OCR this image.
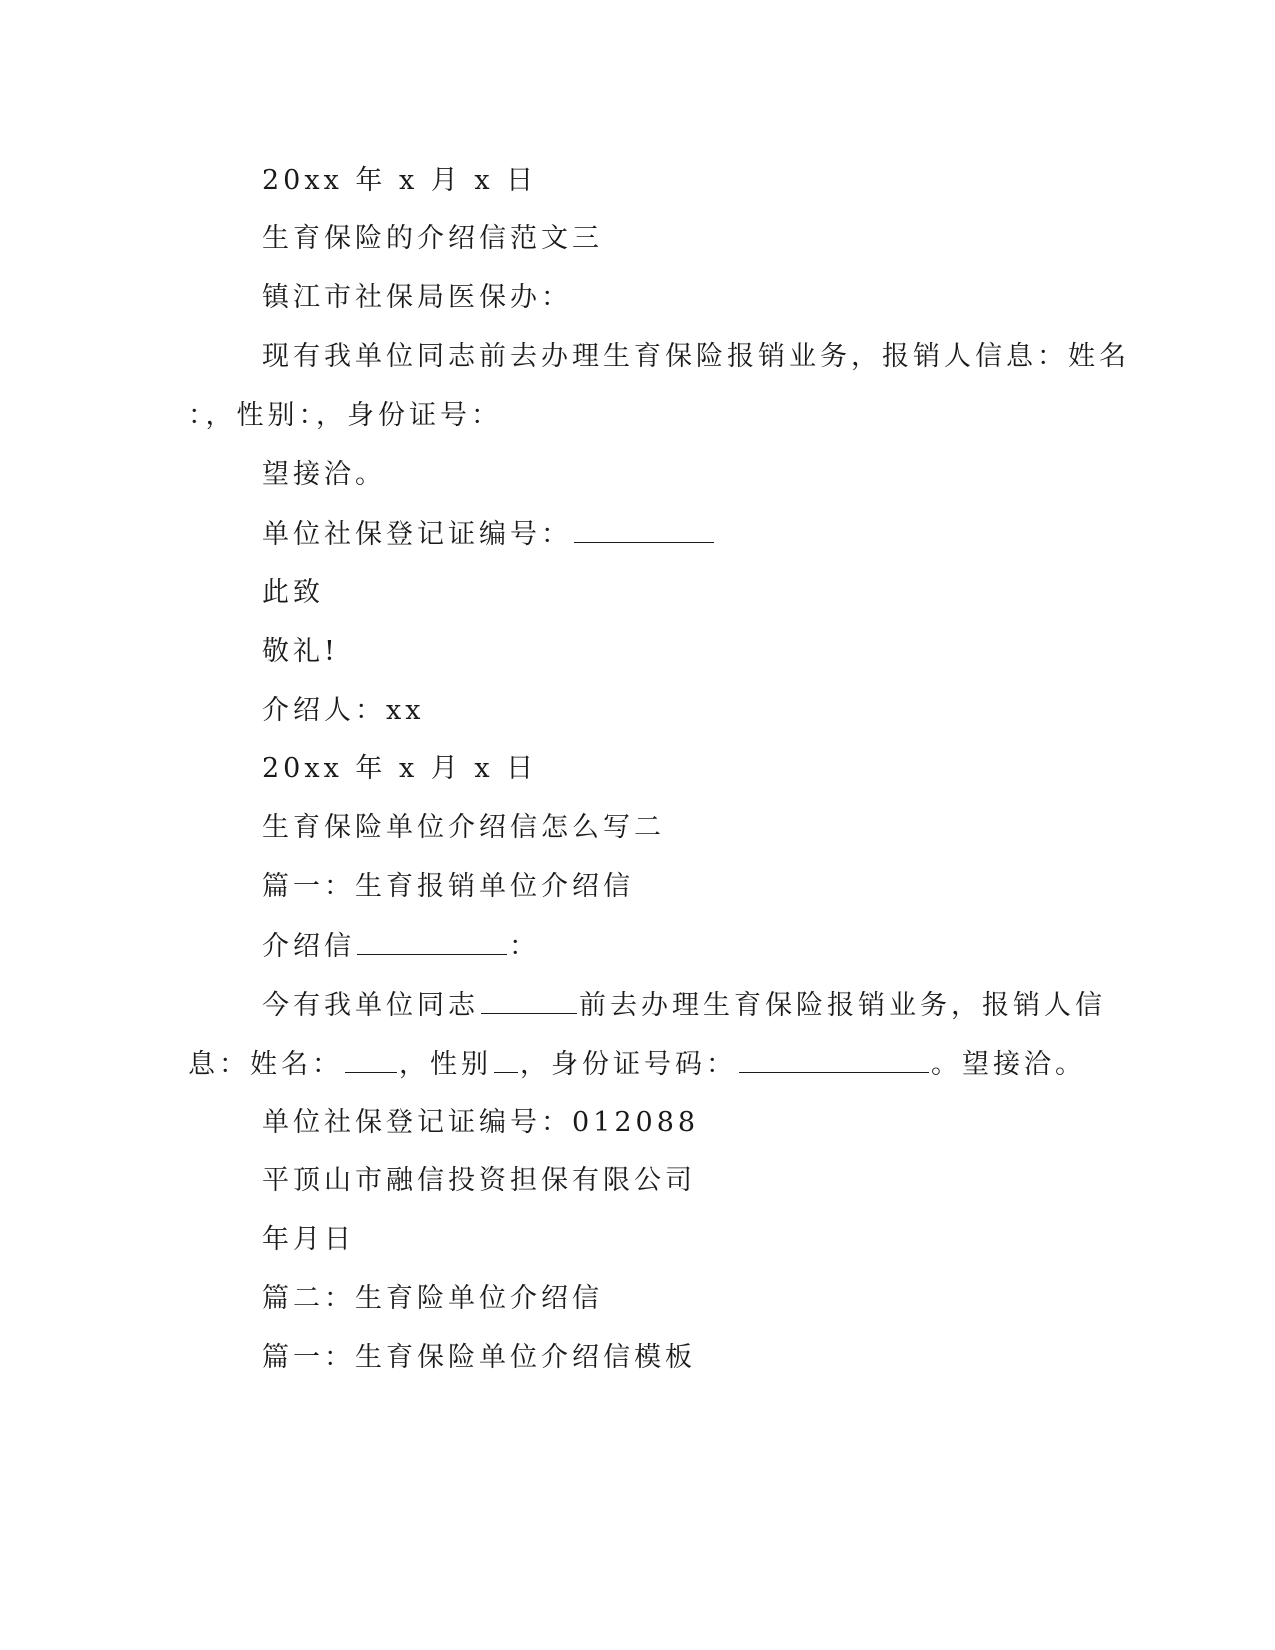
20xx 年 x 月 x 日
生育保险的介绍信范文三
镇江市社保局医保办：
现有我单位同志前去办理生育保险报销业务，报销人信息：姓名
：，性别：，身份证号：
望接洽。
单位社保登记证编号：
此致
敬礼!
介绍人：xx
20xx 年 x 月 x 日
生育保险单位介绍信怎么写二
篇一：生育报销单位介绍信
介绍信	：
今有我单位同志	前去办理生育保险报销业务，报销人信
息：姓名： ，性别 ，身份证号码：	。望接洽。
单位社保登记证编号：012088
平顶山市融信投资担保有限公司
年月日
篇二：生育险单位介绍信
篇一：生育保险单位介绍信模板
